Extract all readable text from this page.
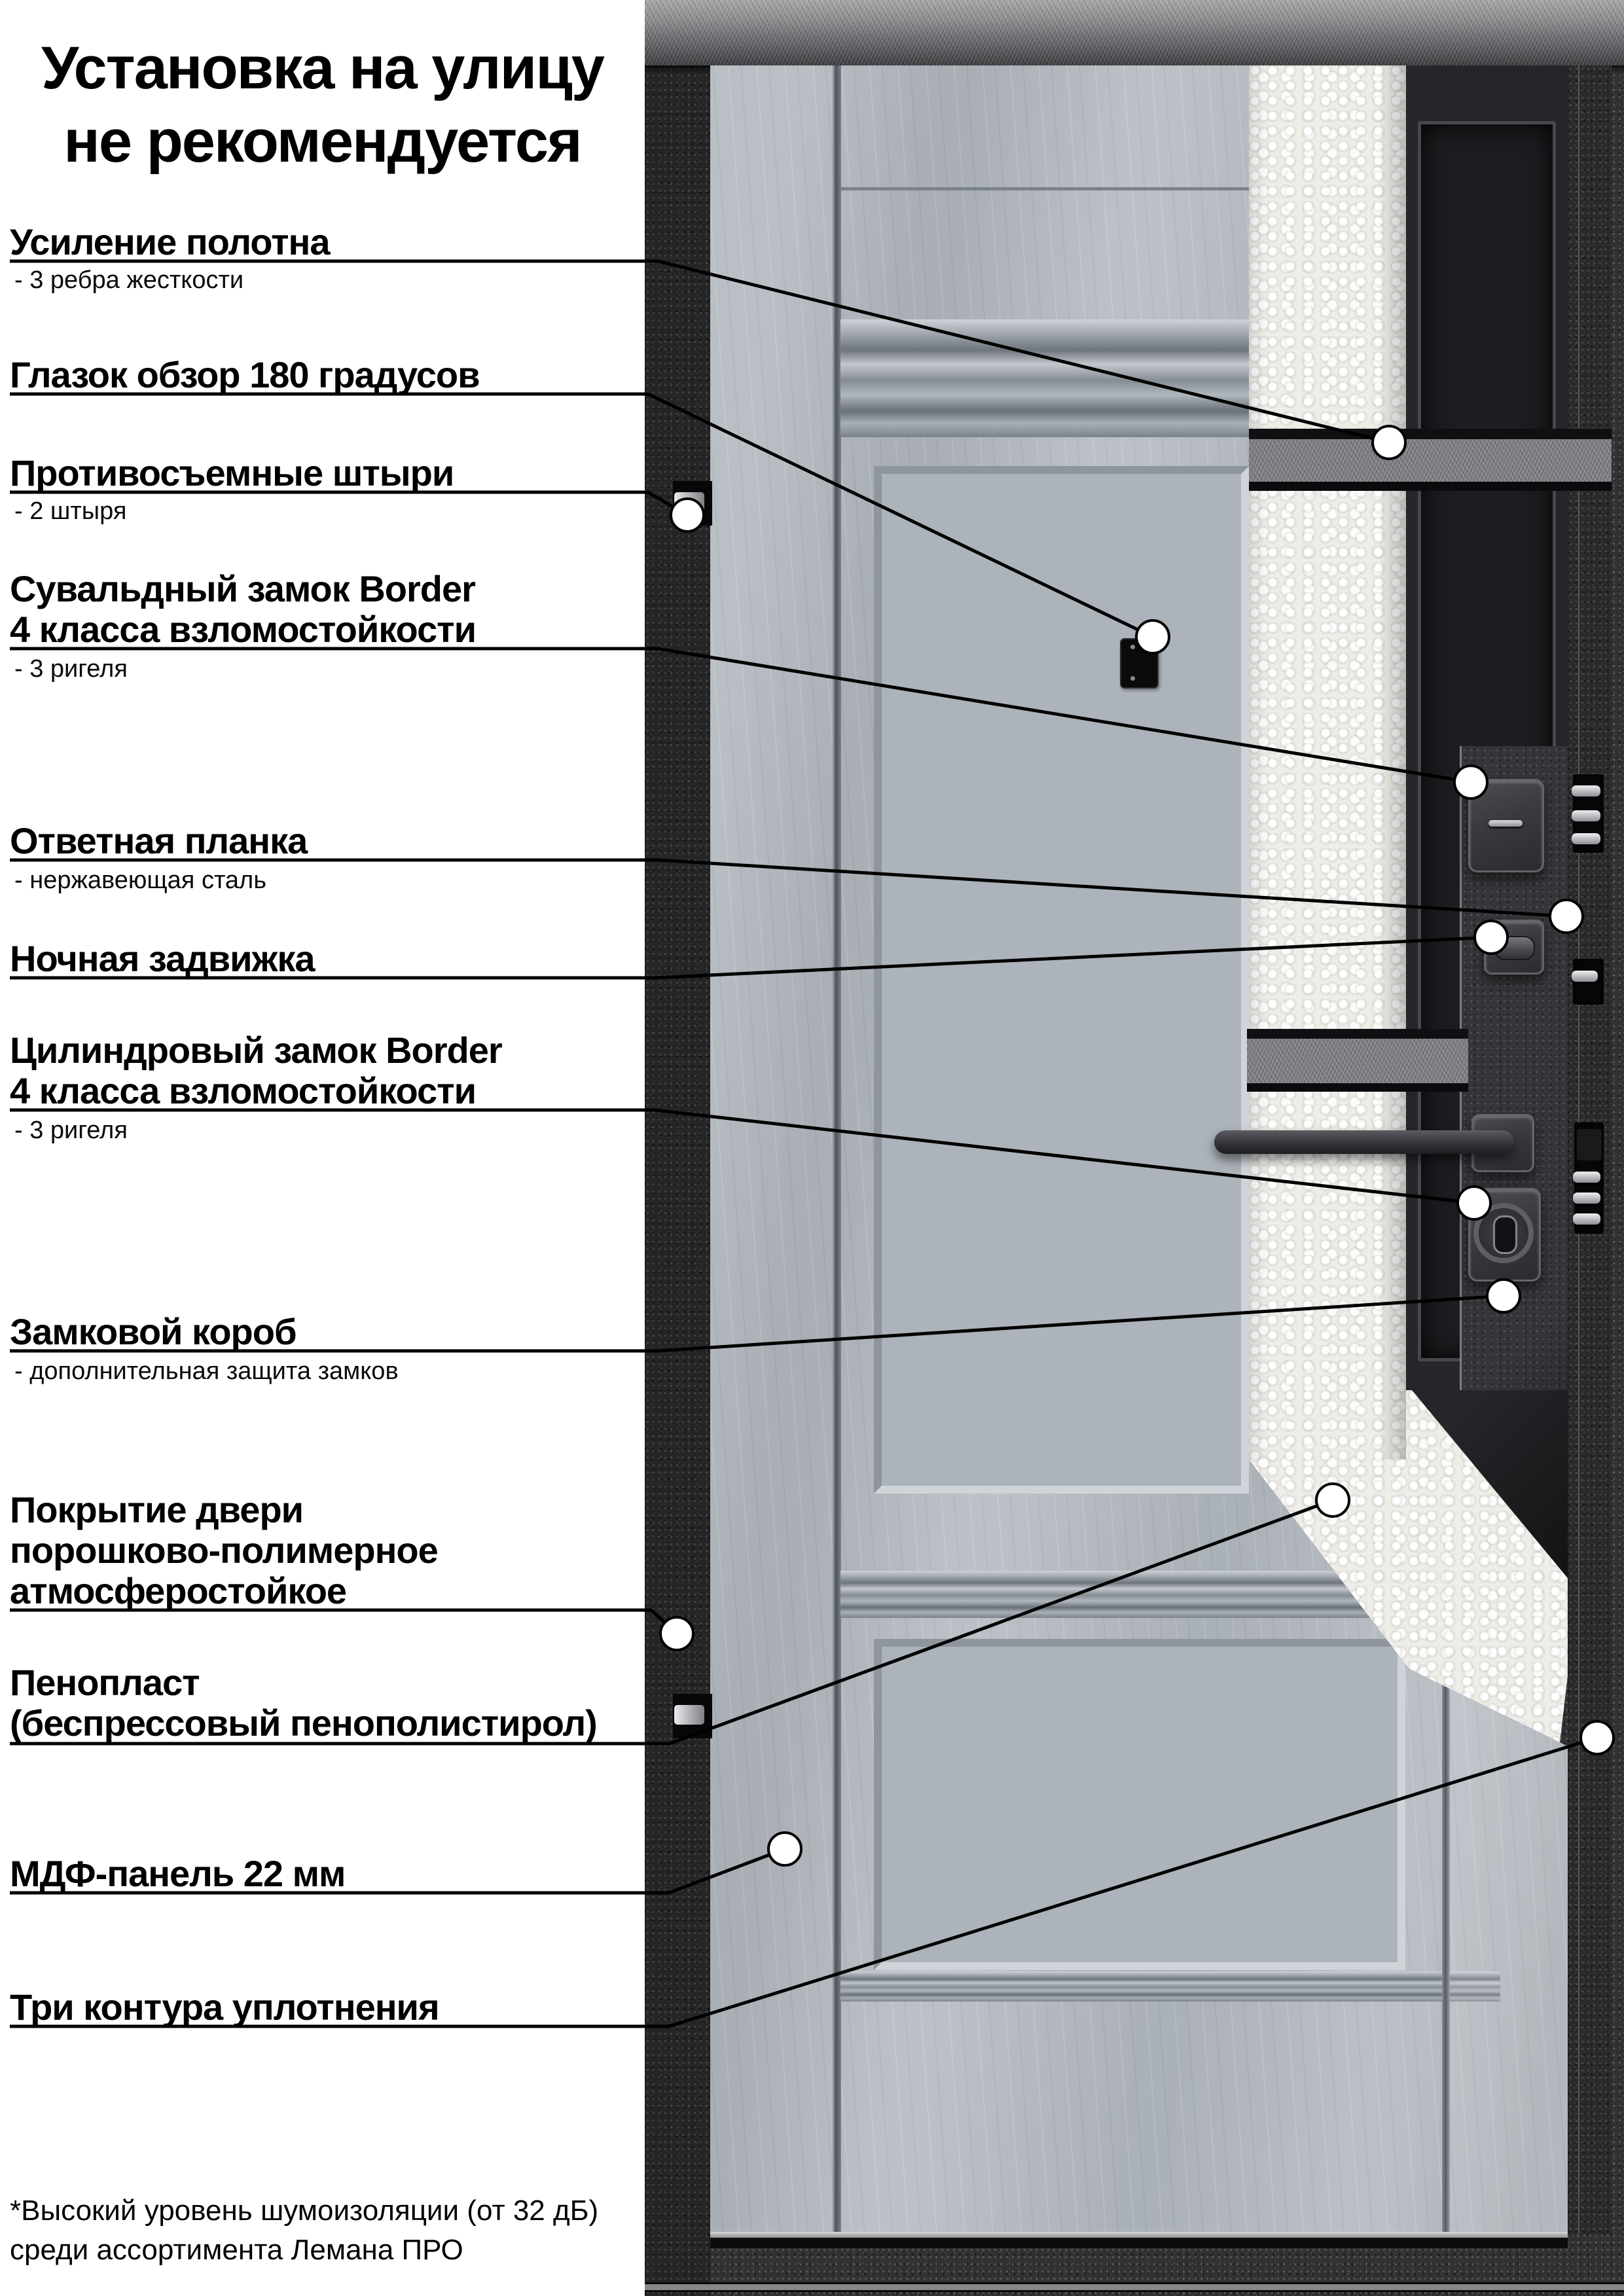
Установка на улицу
не рекомендуется
Усиление полотна
- 3 ребра жесткости
Глазок обзор 180 градусов
Противосъемные штыри
- 2 штыря
Сувальдный замок Border
4 класса взломостойкости
- 3 ригеля
Ответная планка
- нержавеющая сталь
Ночная задвижка
Цилиндровый замок Border
4 класса взломостойкости
- 3 ригеля
Замковой короб
- дополнительная защита замков
Покрытие двери
порошково-полимерное
атмосферостойкое
Пенопласт
(беспрессовый пенополистирол)
МДФ-панель 22 мм
Три контура уплотнения
*Высокий уровень шумоизоляции (от 32 дБ)
среди ассортимента Лемана ПРО
